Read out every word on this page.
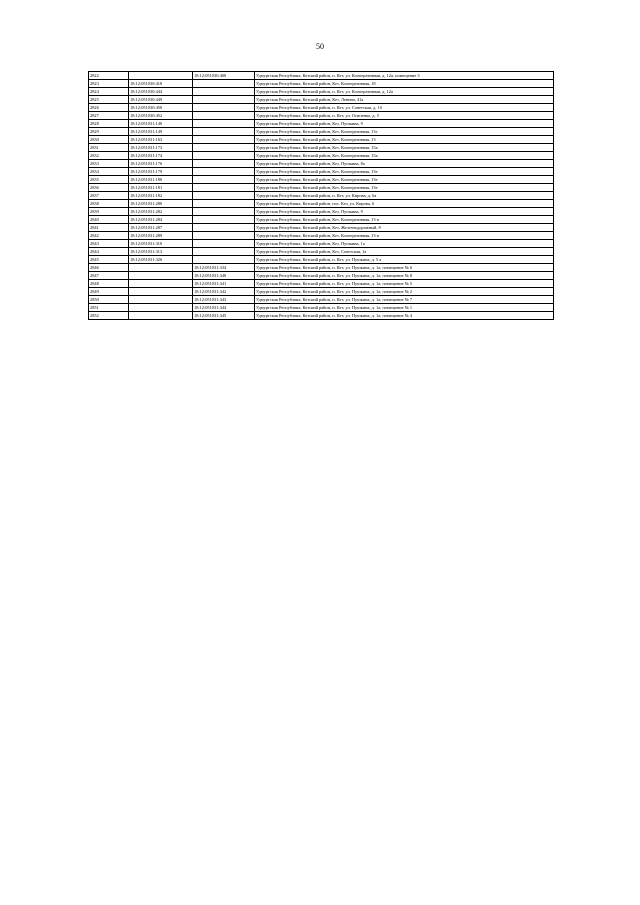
50
2822		18:12:051030:400	Удмуртская Республика, Кезский район, п. Кез, ул. Кооперативная, д. 12а, помещение 3
2823	18:12:051030:418		Удмуртская Республика, Кезский район, Кез, Кооперативная, 18
2824	18:12:051030:444		Удмуртская Республика, Кезский район, п. Кез, ул. Кооперативная, д. 12а
2825	18:12:051030:449		Удмуртская Республика, Кезский район, Кез, Ленина, 41а
2826	18:12:051030:450		Удмуртская Республика, Кезский район, п. Кез, ул. Советская, д. 1б
2827	18:12:051030:452		Удмуртская Республика, Кезский район, п. Кез, ул. Осипенко, д. 5
2828	18:12:051031:140		Удмуртская Республика, Кезский район, Кез, Пушкина, 9
2829	18:12:051031:149		Удмуртская Республика, Кезский район, Кез, Кооперативная, 13г
2830	18:12:051031:163		Удмуртская Республика, Кезский район, Кез, Кооперативная, 13
2831	18:12:051031:173		Удмуртская Республика, Кезский район, Кез, Кооперативная, 15а
2832	18:12:051031:174		Удмуртская Республика, Кезский район, Кез, Кооперативная, 15а
2833	18:12:051031:176		Удмуртская Республика, Кезский район, Кез, Пушкина, 8а
2834	18:12:051031:179		Удмуртская Республика, Кезский район, Кез, Кооперативная, 13е
2835	18:12:051031:180		Удмуртская Республика, Кезский район, Кез, Кооперативная, 13е
2836	18:12:051031:181		Удмуртская Республика, Кезский район, Кез, Кооперативная, 13е
2837	18:12:051031:182		Удмуртская Республика, Кезский район, п. Кез, ул. Кирова, д. 6а
2838	18:12:051031:280		Удмуртская Республика, Кезский район, пос. Кез, ул. Кирова, 6
2839	18:12:051031:282		Удмуртская Республика, Кезский район, Кез, Пушкина, 9
2840	18:12:051031:284		Удмуртская Республика, Кезский район, Кез, Кооперативная, 13 в
2841	18:12:051031:287		Удмуртская Республика, Кезский район, Кез, Железнодорожный, 8
2842	18:12:051031:289		Удмуртская Республика, Кезский район, Кез, Кооперативная, 13 в
2843	18:12:051031:310		Удмуртская Республика, Кезский район, Кез, Пушкина, 1а
2844	18:12:051031:313		Удмуртская Республика, Кезский район, Кез, Советская, 1а
2845	18:12:051031:326		Удмуртская Республика, Кезский район, п. Кез, ул. Пушкина, д. 5 а
2846		18:12:051031:334	Удмуртская Республика, Кезский район, п. Кез, ул. Пушкина, д. 1а, помещение № 6
2847		18:12:051031:340	Удмуртская Республика, Кезский район, п. Кез, ул. Пушкина, д. 1а, помещение № 8
2848		18:12:051031:341	Удмуртская Республика, Кезский район, п. Кез, ул. Пушкина, д. 1а, помещение № 5
2849		18:12:051031:342	Удмуртская Республика, Кезский район, п. Кез, ул. Пушкина, д. 1а, помещение № 2
2850		18:12:051031:343	Удмуртская Республика, Кезский район, п. Кез, ул. Пушкина, д. 1а, помещение № 7
2851		18:12:051031:344	Удмуртская Республика, Кезский район, п. Кез, ул. Пушкина, д. 1а, помещение № 1
2852		18:12:051031:345	Удмуртская Республика, Кезский район, п. Кез, ул. Пушкина, д. 1а, помещение № 4
